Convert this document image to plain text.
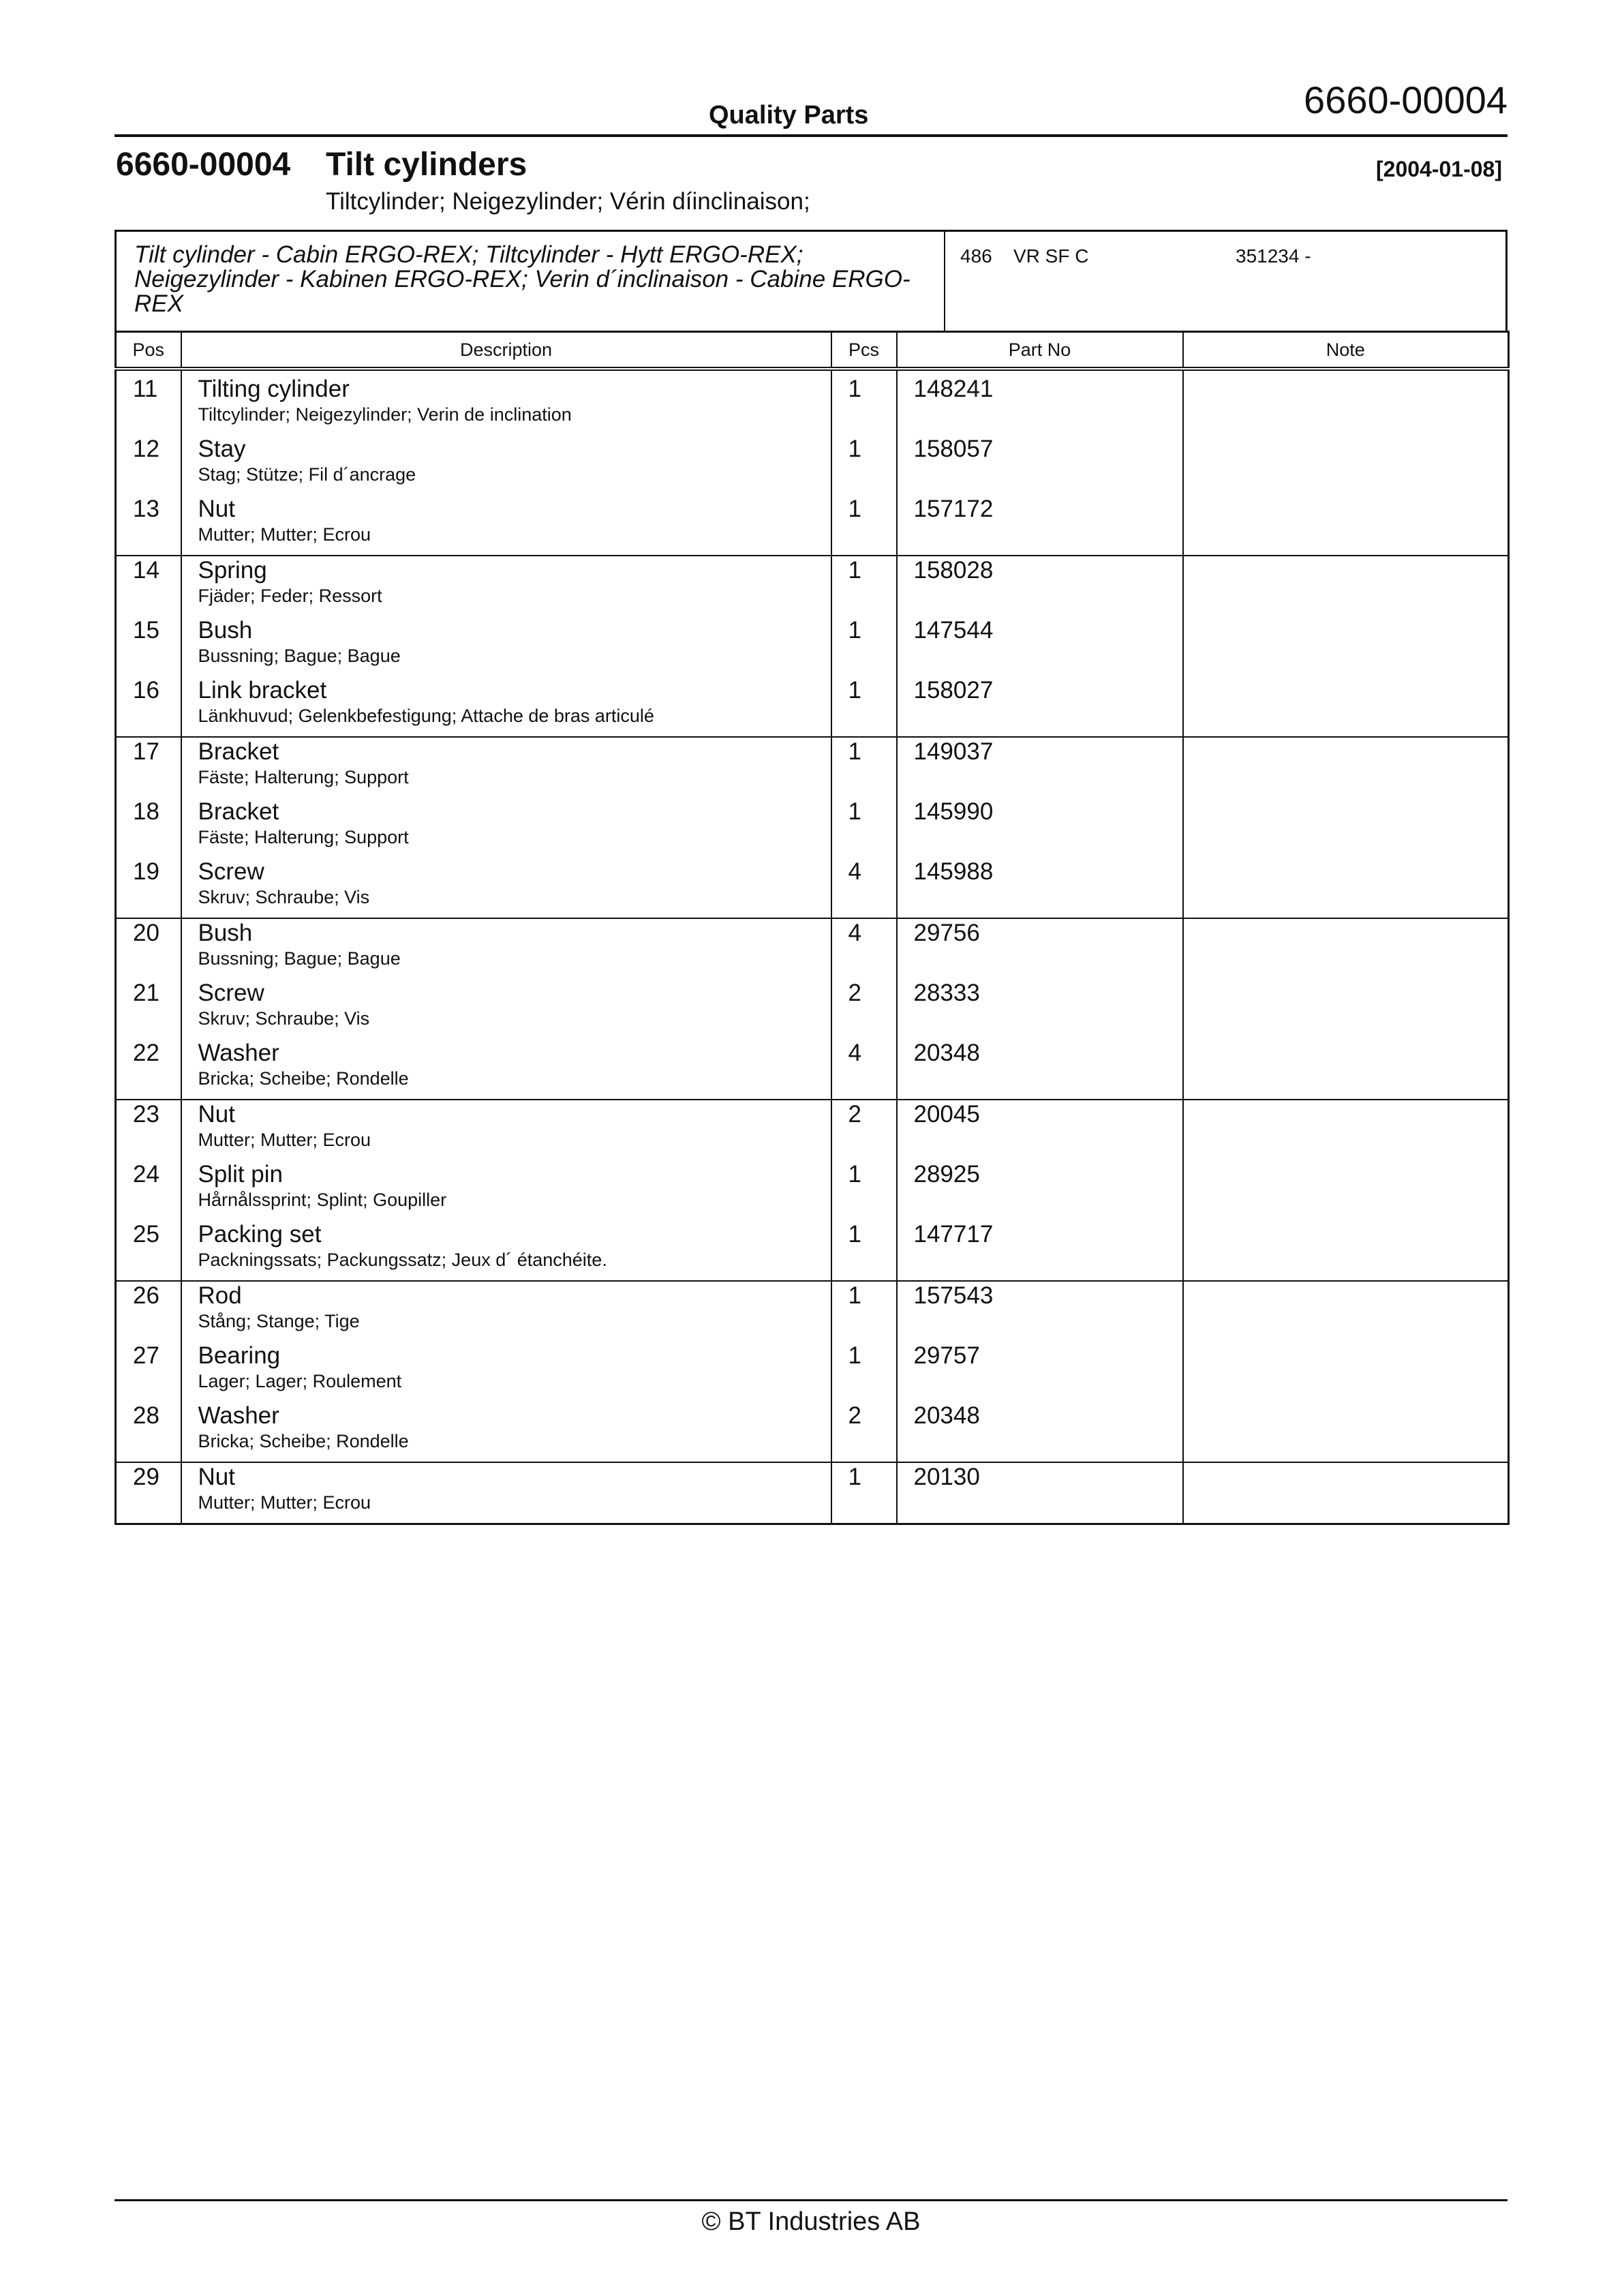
Quality Parts	6660-00004
6660-00004 Tilt cylinders	[2004-01-08]
Tiltcylinder; Neigezylinder; Vérin díinclinaison;
Tilt cylinder - Cabin ERGO-REX; Tiltcylinder - Hytt ERGO-REX; Neigezylinder - Kabinen ERGO-REX; Verin d´inclinaison - Cabine ERGO-REX
486 VR SF C	351234 -
Pos	Description	Pcs	Part No	Note

11	Tilting cylinder
Tiltcylinder; Neigezylinder; Verin de inclination	1	148241	

12	Stay
Stag; Stütze; Fil d´ancrage	1	158057	

13	Nut
Mutter; Mutter; Ecrou	1	157172	

14	Spring
Fjäder; Feder; Ressort	1	158028	

15	Bush
Bussning; Bague; Bague	1	147544	

16	Link bracket
Länkhuvud; Gelenkbefestigung; Attache de bras articulé	1	158027	

17	Bracket
Fäste; Halterung; Support	1	149037	

18	Bracket
Fäste; Halterung; Support	1	145990	

19	Screw
Skruv; Schraube; Vis	4	145988	

20	Bush
Bussning; Bague; Bague	4	29756	

21	Screw
Skruv; Schraube; Vis	2	28333	

22	Washer
Bricka; Scheibe; Rondelle	4	20348	

23	Nut
Mutter; Mutter; Ecrou	2	20045	

24	Split pin
Hårnålssprint; Splint; Goupiller	1	28925	

25	Packing set
Packningssats; Packungssatz; Jeux d´ étanchéite.	1	147717	

26	Rod
Stång; Stange; Tige	1	157543	

27	Bearing
Lager; Lager; Roulement	1	29757	

28	Washer
Bricka; Scheibe; Rondelle	2	20348	

29	Nut
Mutter; Mutter; Ecrou	1	20130	

© BT Industries AB
